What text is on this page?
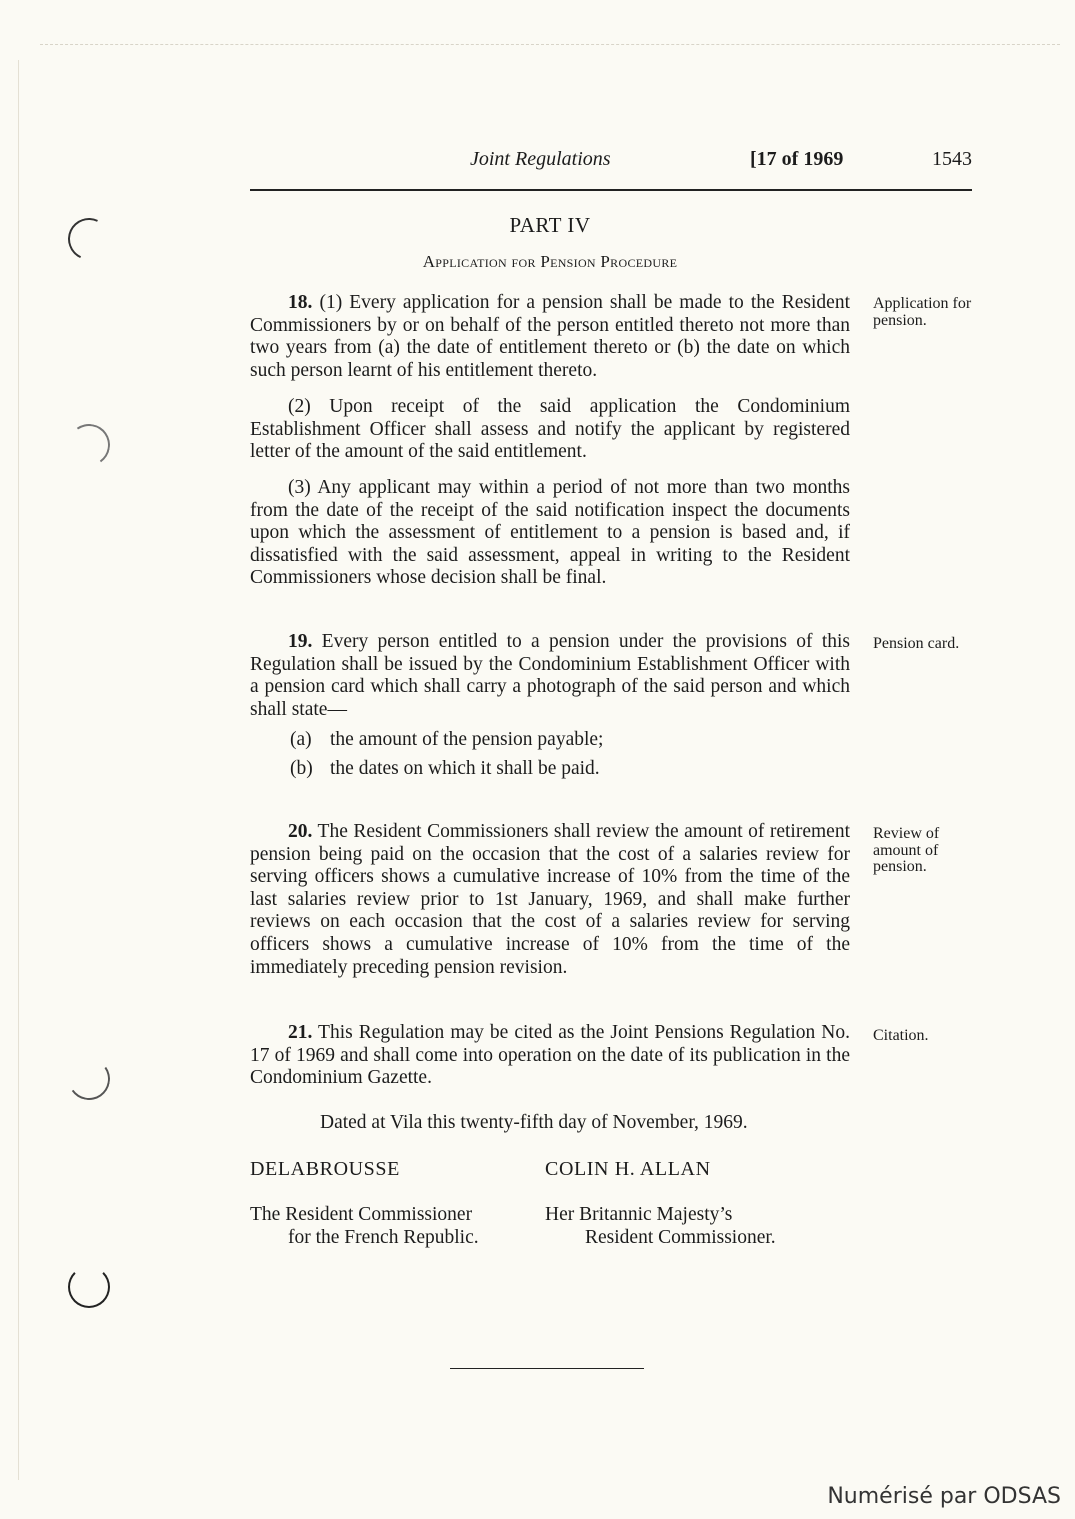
Joint Regulations	[17 of 1969	1543
PART IV
Application for Pension Procedure
18. (1) Every application for a pension shall be made to the Resident Commissioners by or on behalf of the person entitled thereto not more than two years from (a) the date of entitlement thereto or (b) the date on which such person learnt of his entitlement thereto.
Application for pension.
(2) Upon receipt of the said application the Condominium Establishment Officer shall assess and notify the applicant by registered letter of the amount of the said entitlement.
(3) Any applicant may within a period of not more than two months from the date of the receipt of the said notification inspect the documents upon which the assessment of entitlement to a pension is based and, if dissatisfied with the said assessment, appeal in writing to the Resident Commissioners whose decision shall be final.
19. Every person entitled to a pension under the provisions of this Regulation shall be issued by the Condominium Establishment Officer with a pension card which shall carry a photograph of the said person and which shall state—
Pension card.
(a) the amount of the pension payable;
(b) the dates on which it shall be paid.
20. The Resident Commissioners shall review the amount of retirement pension being paid on the occasion that the cost of a salaries review for serving officers shows a cumulative increase of 10% from the time of the last salaries review prior to 1st January, 1969, and shall make further reviews on each occasion that the cost of a salaries review for serving officers shows a cumulative increase of 10% from the time of the immediately preceding pension revision.
Review of amount of pension.
21. This Regulation may be cited as the Joint Pensions Regulation No. 17 of 1969 and shall come into operation on the date of its publication in the Condominium Gazette.
Citation.
Dated at Vila this twenty-fifth day of November, 1969.
DELABROUSSE	COLIN H. ALLAN
The Resident Commissioner
for the French Republic.
Her Britannic Majesty’s
Resident Commissioner.
Numérisé par ODSAS
